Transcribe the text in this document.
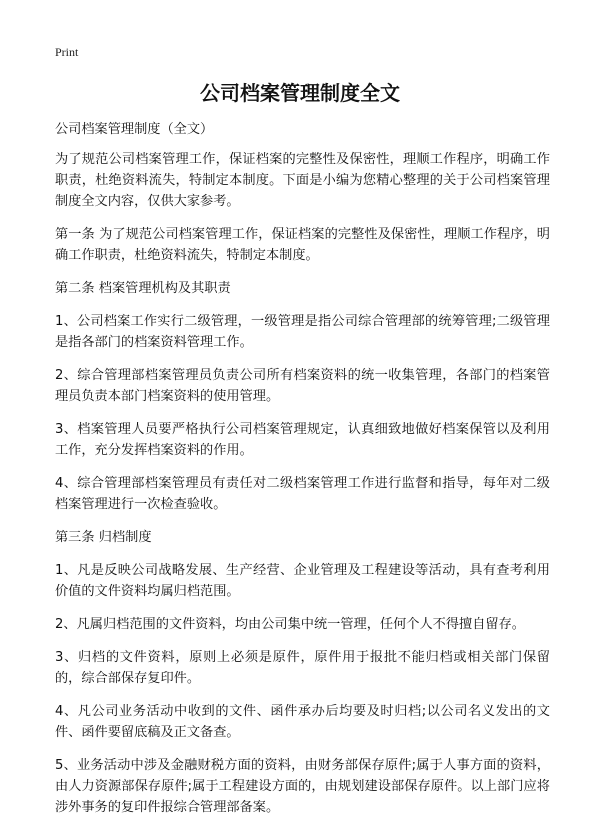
Print
公司档案管理制度全文

公司档案管理制度（全文）

为了规范公司档案管理工作，保证档案的完整性及保密性，理顺工作程序，明确工作职责，杜绝资料流失，特制定本制度。下面是小编为您精心整理的关于公司档案管理制度全文内容，仅供大家参考。

第一条 为了规范公司档案管理工作，保证档案的完整性及保密性，理顺工作程序，明确工作职责，杜绝资料流失，特制定本制度。

第二条 档案管理机构及其职责

1、公司档案工作实行二级管理，一级管理是指公司综合管理部的统筹管理;二级管理是指各部门的档案资料管理工作。

2、综合管理部档案管理员负责公司所有档案资料的统一收集管理，各部门的档案管理员负责本部门档案资料的使用管理。

3、档案管理人员要严格执行公司档案管理规定，认真细致地做好档案保管以及利用工作，充分发挥档案资料的作用。

4、综合管理部档案管理员有责任对二级档案管理工作进行监督和指导，每年对二级档案管理进行一次检查验收。

第三条 归档制度

1、凡是反映公司战略发展、生产经营、企业管理及工程建设等活动，具有查考利用价值的文件资料均属归档范围。

2、凡属归档范围的文件资料，均由公司集中统一管理，任何个人不得擅自留存。

3、归档的文件资料，原则上必须是原件，原件用于报批不能归档或相关部门保留的，综合部保存复印件。

4、凡公司业务活动中收到的文件、函件承办后均要及时归档;以公司名义发出的文件、函件要留底稿及正文备查。

5、业务活动中涉及金融财税方面的资料，由财务部保存原件;属于人事方面的资料，由人力资源部保存原件;属于工程建设方面的，由规划建设部保存原件。以上部门应将涉外事务的复印件报综合管理部备案。
